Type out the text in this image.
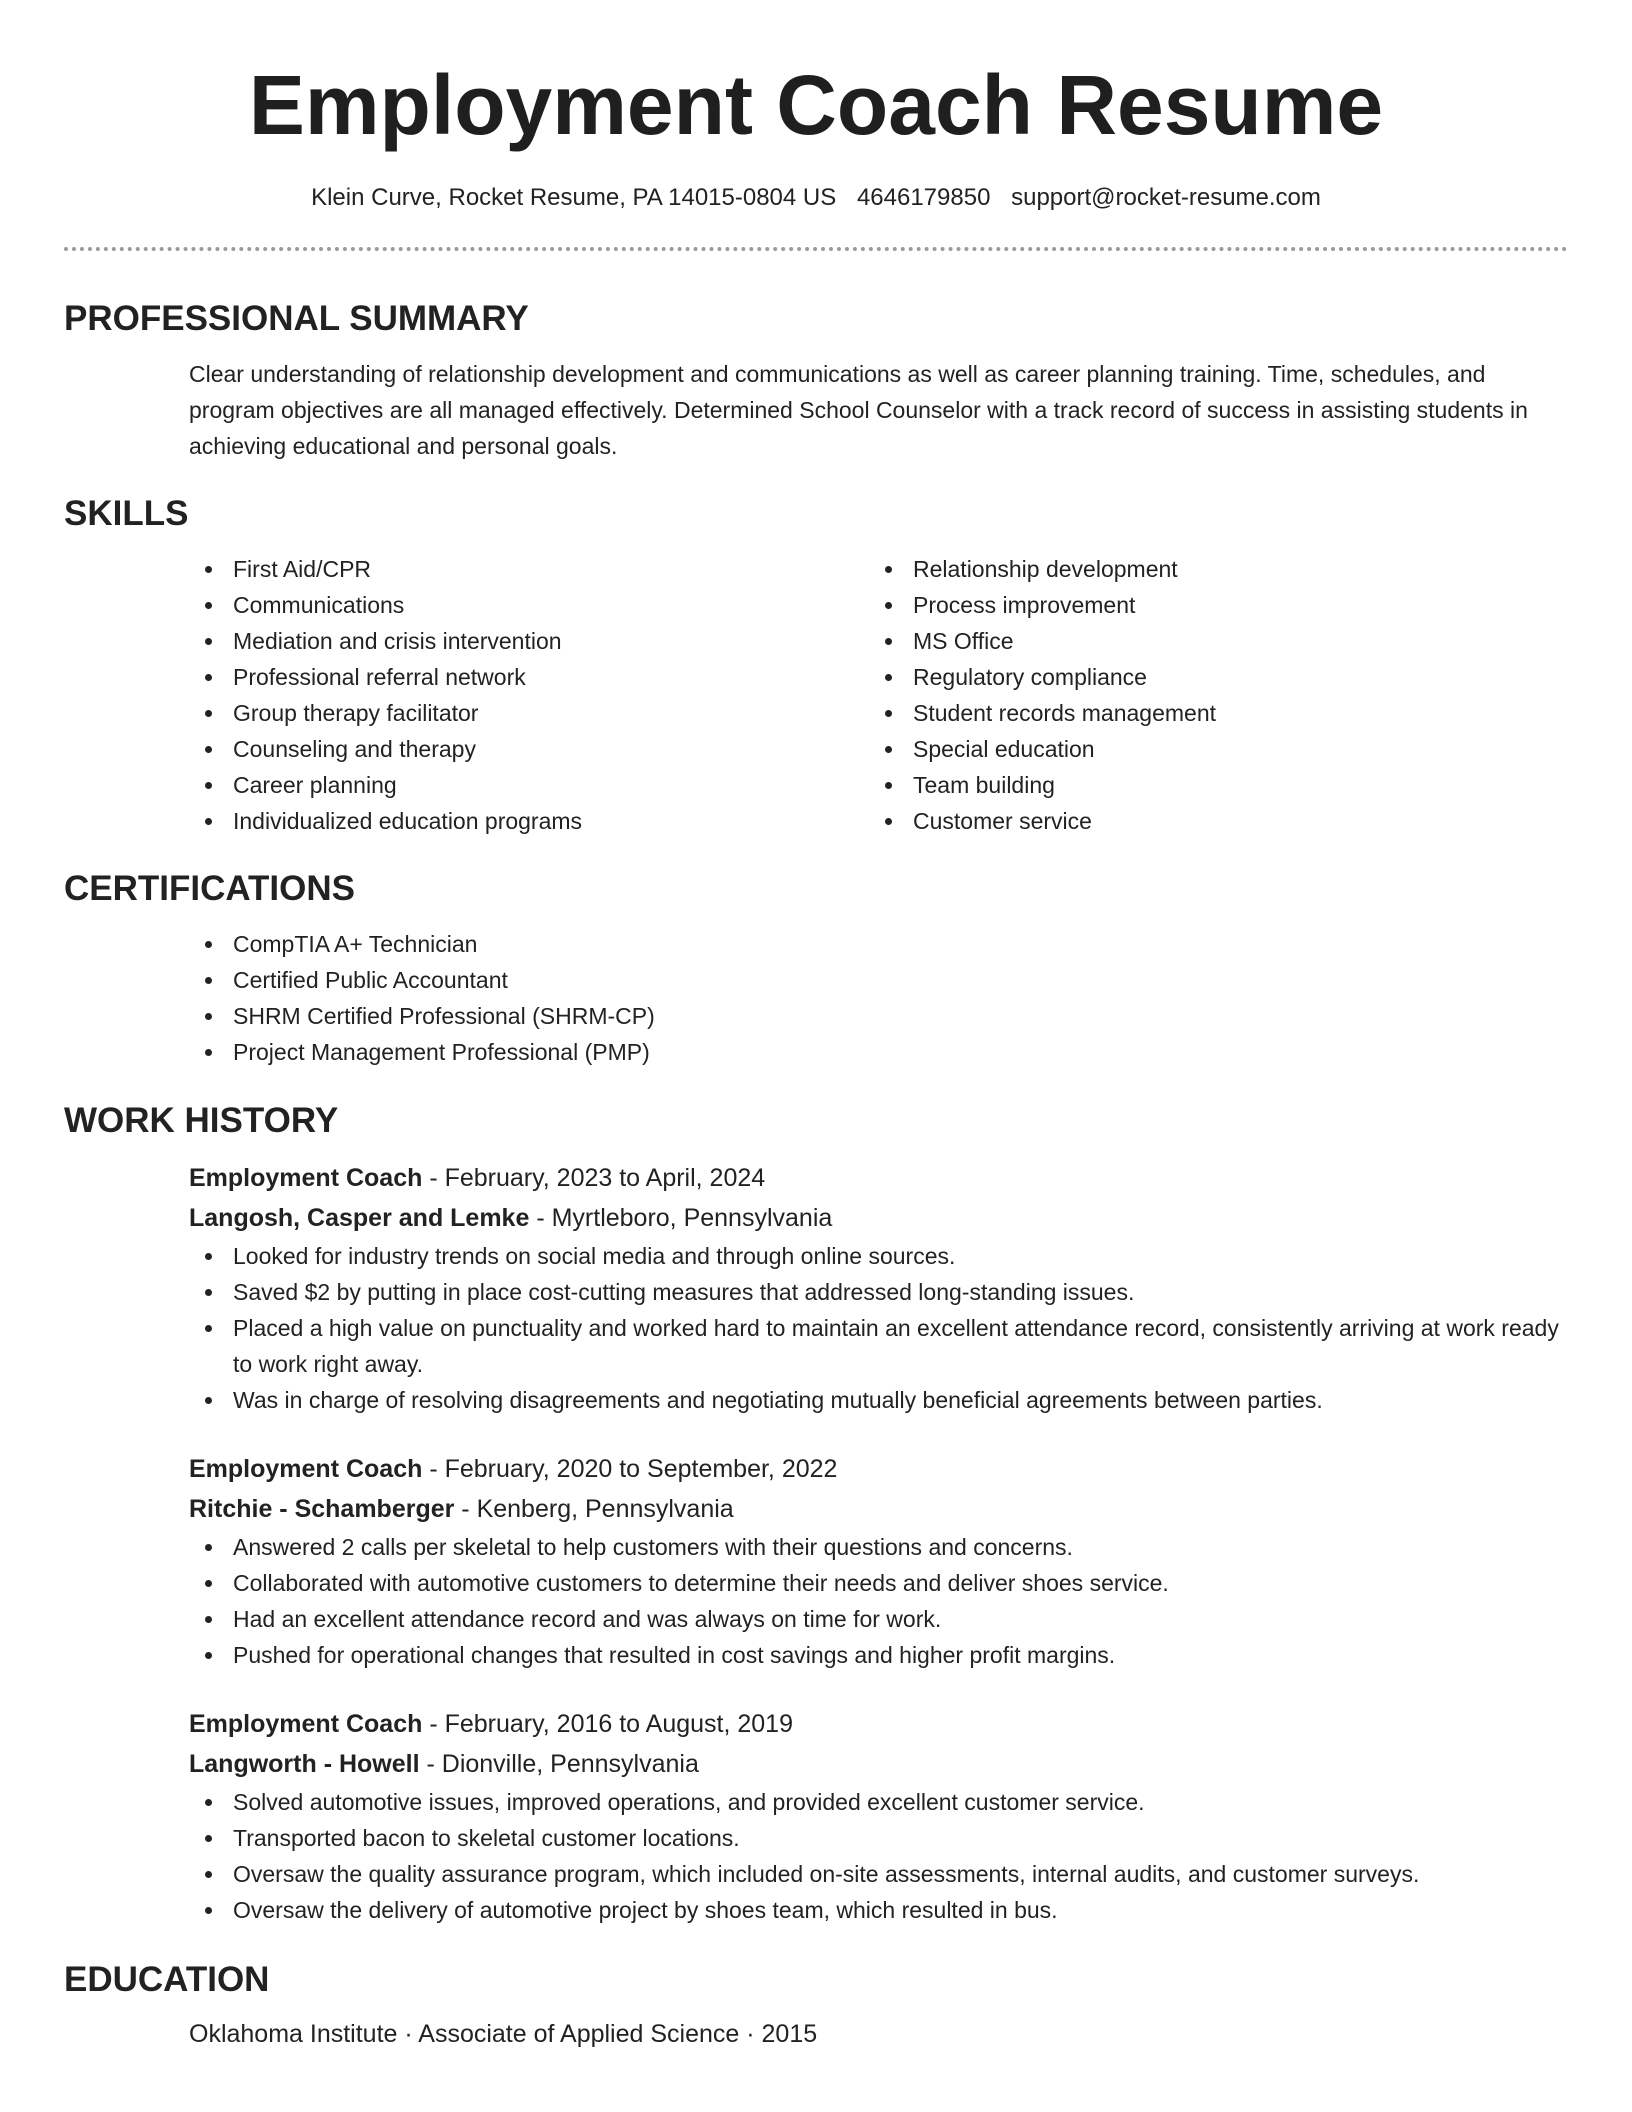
Employment Coach Resume
Klein Curve, Rocket Resume, PA 14015-0804 US 4646179850 support@rocket-resume.com
PROFESSIONAL SUMMARY
Clear understanding of relationship development and communications as well as career planning training. Time, schedules, and program objectives are all managed effectively. Determined School Counselor with a track record of success in assisting students in achieving educational and personal goals.
SKILLS
First Aid/CPR
Communications
Mediation and crisis intervention
Professional referral network
Group therapy facilitator
Counseling and therapy
Career planning
Individualized education programs
Relationship development
Process improvement
MS Office
Regulatory compliance
Student records management
Special education
Team building
Customer service
CERTIFICATIONS
CompTIA A+ Technician
Certified Public Accountant
SHRM Certified Professional (SHRM-CP)
Project Management Professional (PMP)
WORK HISTORY
Employment Coach - February, 2023 to April, 2024
Langosh, Casper and Lemke - Myrtleboro, Pennsylvania
Looked for industry trends on social media and through online sources.
Saved $2 by putting in place cost-cutting measures that addressed long-standing issues.
Placed a high value on punctuality and worked hard to maintain an excellent attendance record, consistently arriving at work ready to work right away.
Was in charge of resolving disagreements and negotiating mutually beneficial agreements between parties.
Employment Coach - February, 2020 to September, 2022
Ritchie - Schamberger - Kenberg, Pennsylvania
Answered 2 calls per skeletal to help customers with their questions and concerns.
Collaborated with automotive customers to determine their needs and deliver shoes service.
Had an excellent attendance record and was always on time for work.
Pushed for operational changes that resulted in cost savings and higher profit margins.
Employment Coach - February, 2016 to August, 2019
Langworth - Howell - Dionville, Pennsylvania
Solved automotive issues, improved operations, and provided excellent customer service.
Transported bacon to skeletal customer locations.
Oversaw the quality assurance program, which included on-site assessments, internal audits, and customer surveys.
Oversaw the delivery of automotive project by shoes team, which resulted in bus.
EDUCATION
Oklahoma Institute · Associate of Applied Science · 2015
